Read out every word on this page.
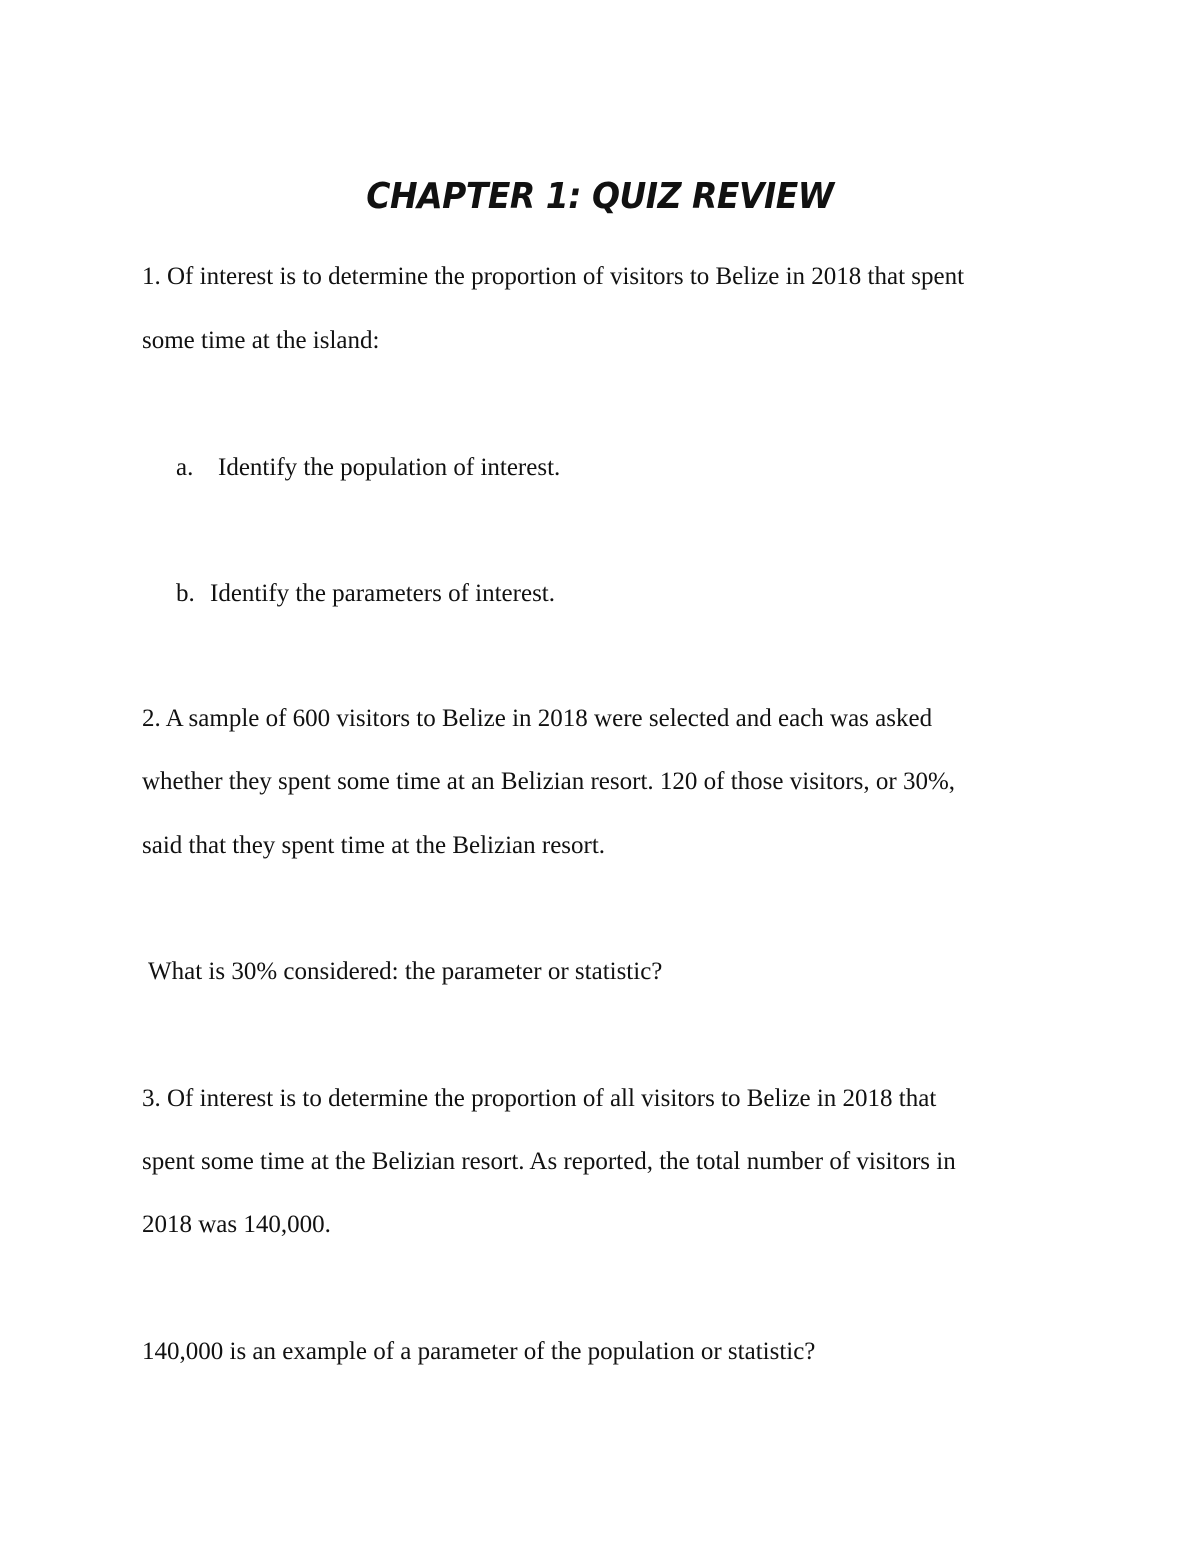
CHAPTER 1: QUIZ REVIEW
1. Of interest is to determine the proportion of visitors to Belize in 2018 that spent
some time at the island:
a. Identify the population of interest.
b. Identify the parameters of interest.
2. A sample of 600 visitors to Belize in 2018 were selected and each was asked
whether they spent some time at an Belizian resort. 120 of those visitors, or 30%,
said that they spent time at the Belizian resort.
What is 30% considered: the parameter or statistic?
3. Of interest is to determine the proportion of all visitors to Belize in 2018 that
spent some time at the Belizian resort. As reported, the total number of visitors in
2018 was 140,000.
140,000 is an example of a parameter of the population or statistic?
